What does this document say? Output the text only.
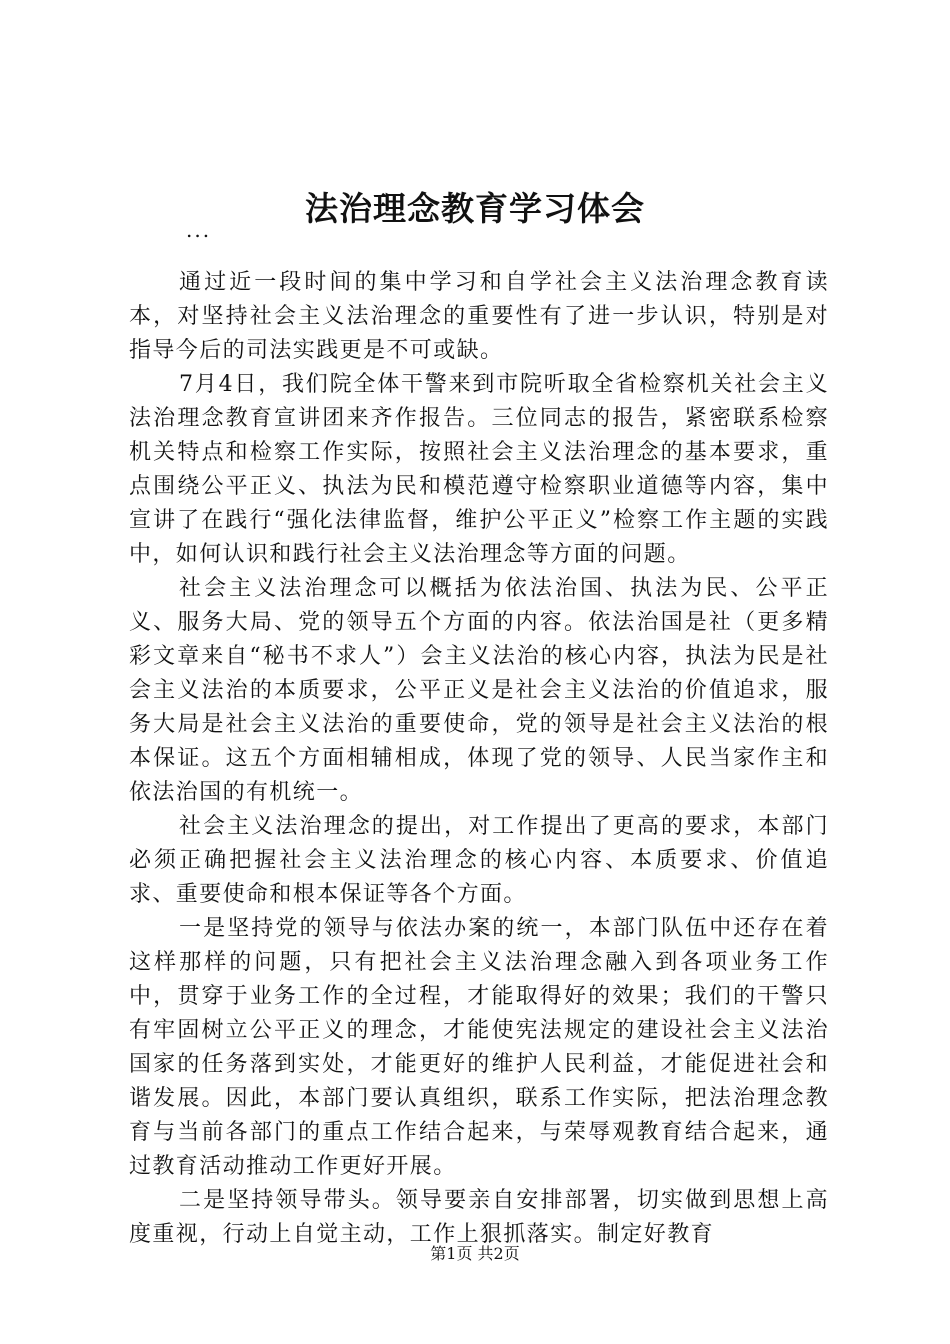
法治理念教育学习体会
...

通过近一段时间的集中学习和自学社会主义法治理念教育读本，对坚持社会主义法治理念的重要性有了进一步认识，特别是对指导今后的司法实践更是不可或缺。

7月4日，我们院全体干警来到市院听取全省检察机关社会主义法治理念教育宣讲团来齐作报告。三位同志的报告，紧密联系检察机关特点和检察工作实际，按照社会主义法治理念的基本要求，重点围绕公平正义、执法为民和模范遵守检察职业道德等内容，集中宣讲了在践行“强化法律监督，维护公平正义”检察工作主题的实践中，如何认识和践行社会主义法治理念等方面的问题。

社会主义法治理念可以概括为依法治国、执法为民、公平正义、服务大局、党的领导五个方面的内容。依法治国是社（更多精彩文章来自“秘书不求人”）会主义法治的核心内容，执法为民是社会主义法治的本质要求，公平正义是社会主义法治的价值追求，服务大局是社会主义法治的重要使命，党的领导是社会主义法治的根本保证。这五个方面相辅相成，体现了党的领导、人民当家作主和依法治国的有机统一。

社会主义法治理念的提出，对工作提出了更高的要求，本部门必须正确把握社会主义法治理念的核心内容、本质要求、价值追求、重要使命和根本保证等各个方面。

一是坚持党的领导与依法办案的统一，本部门队伍中还存在着这样那样的问题，只有把社会主义法治理念融入到各项业务工作中，贯穿于业务工作的全过程，才能取得好的效果；我们的干警只有牢固树立公平正义的理念，才能使宪法规定的建设社会主义法治国家的任务落到实处，才能更好的维护人民利益，才能促进社会和谐发展。因此，本部门要认真组织，联系工作实际，把法治理念教育与当前各部门的重点工作结合起来，与荣辱观教育结合起来，通过教育活动推动工作更好开展。

二是坚持领导带头。领导要亲自安排部署，切实做到思想上高度重视，行动上自觉主动，工作上狠抓落实。制定好教育

第1页 共2页
